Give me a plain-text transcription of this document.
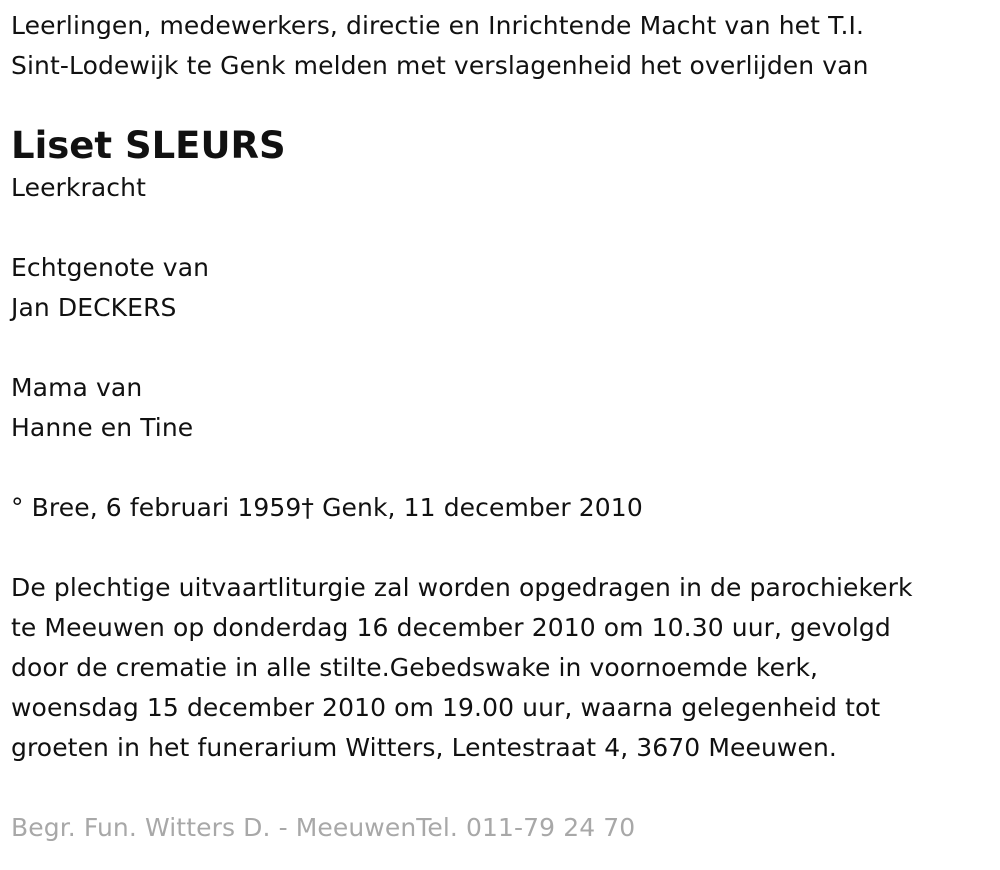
Leerlingen, medewerkers, directie en Inrichtende Macht van het T.I.

Sint-Lodewijk te Genk melden met verslagenheid het overlijden van

Liset SLEURS

Leerkracht

Echtgenote van

Jan DECKERS

Mama van

Hanne en Tine

° Bree, 6 februari 1959† Genk, 11 december 2010

De plechtige uitvaartliturgie zal worden opgedragen in de parochiekerk

te Meeuwen op donderdag 16 december 2010 om 10.30 uur, gevolgd

door de crematie in alle stilte.Gebedswake in voornoemde kerk,

woensdag 15 december 2010 om 19.00 uur, waarna gelegenheid tot

groeten in het funerarium Witters, Lentestraat 4, 3670 Meeuwen.

Begr. Fun. Witters D. - MeeuwenTel. 011-79 24 70
